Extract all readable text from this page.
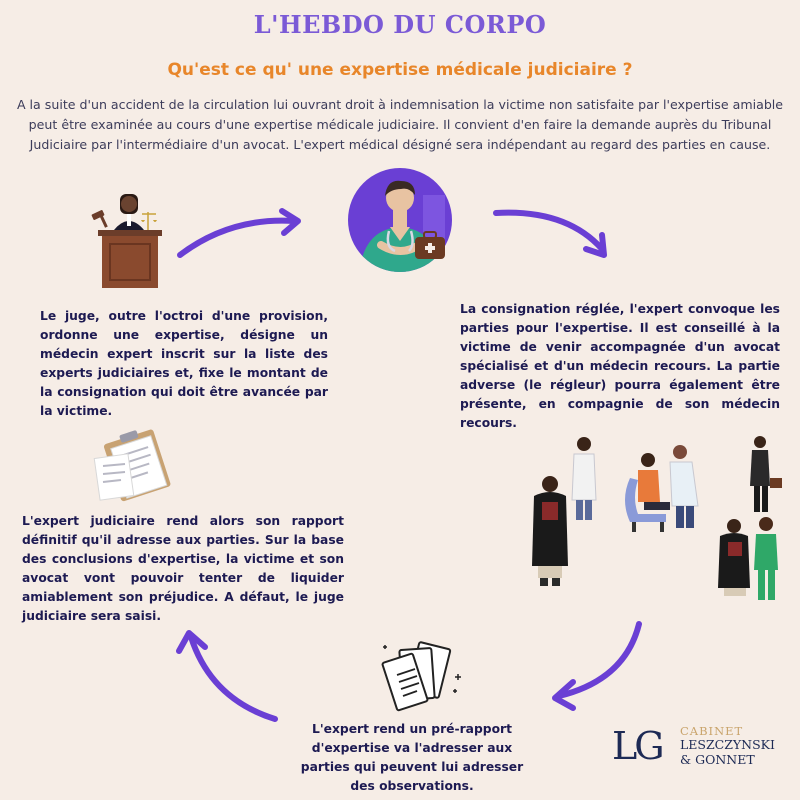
L'HEBDO DU CORPO
Qu'est ce qu' une expertise médicale judiciaire ?
A la suite d'un accident de la circulation lui ouvrant droit à indemnisation la victime non satisfaite par l'expertise amiable peut être examinée au cours d'une expertise médicale judiciaire. Il convient d'en faire la demande auprès du Tribunal Judiciaire par l'intermédiaire d'un avocat. L'expert médical désigné sera indépendant au regard des parties en cause.
Le juge, outre l'octroi d'une provision, ordonne une expertise, désigne un médecin expert inscrit sur la liste des experts judiciaires et, fixe le montant de la consignation qui doit être avancée par la victime.
La consignation réglée, l'expert convoque les parties pour l'expertise. Il est conseillé à la victime de venir accompagnée d'un avocat spécialisé et d'un médecin recours. La partie adverse (le régleur) pourra également être présente, en compagnie de son médecin recours.
L'expert judiciaire rend alors son rapport définitif qu'il adresse aux parties. Sur la base des conclusions d'expertise, la victime et son avocat vont pouvoir tenter de liquider amiablement son préjudice. A défaut, le juge judiciaire sera saisi.
L'expert rend un pré-rapport d'expertise va l'adresser aux parties qui peuvent lui adresser des observations.
LG CABINET
LESZCZYNSKI
& GONNET
